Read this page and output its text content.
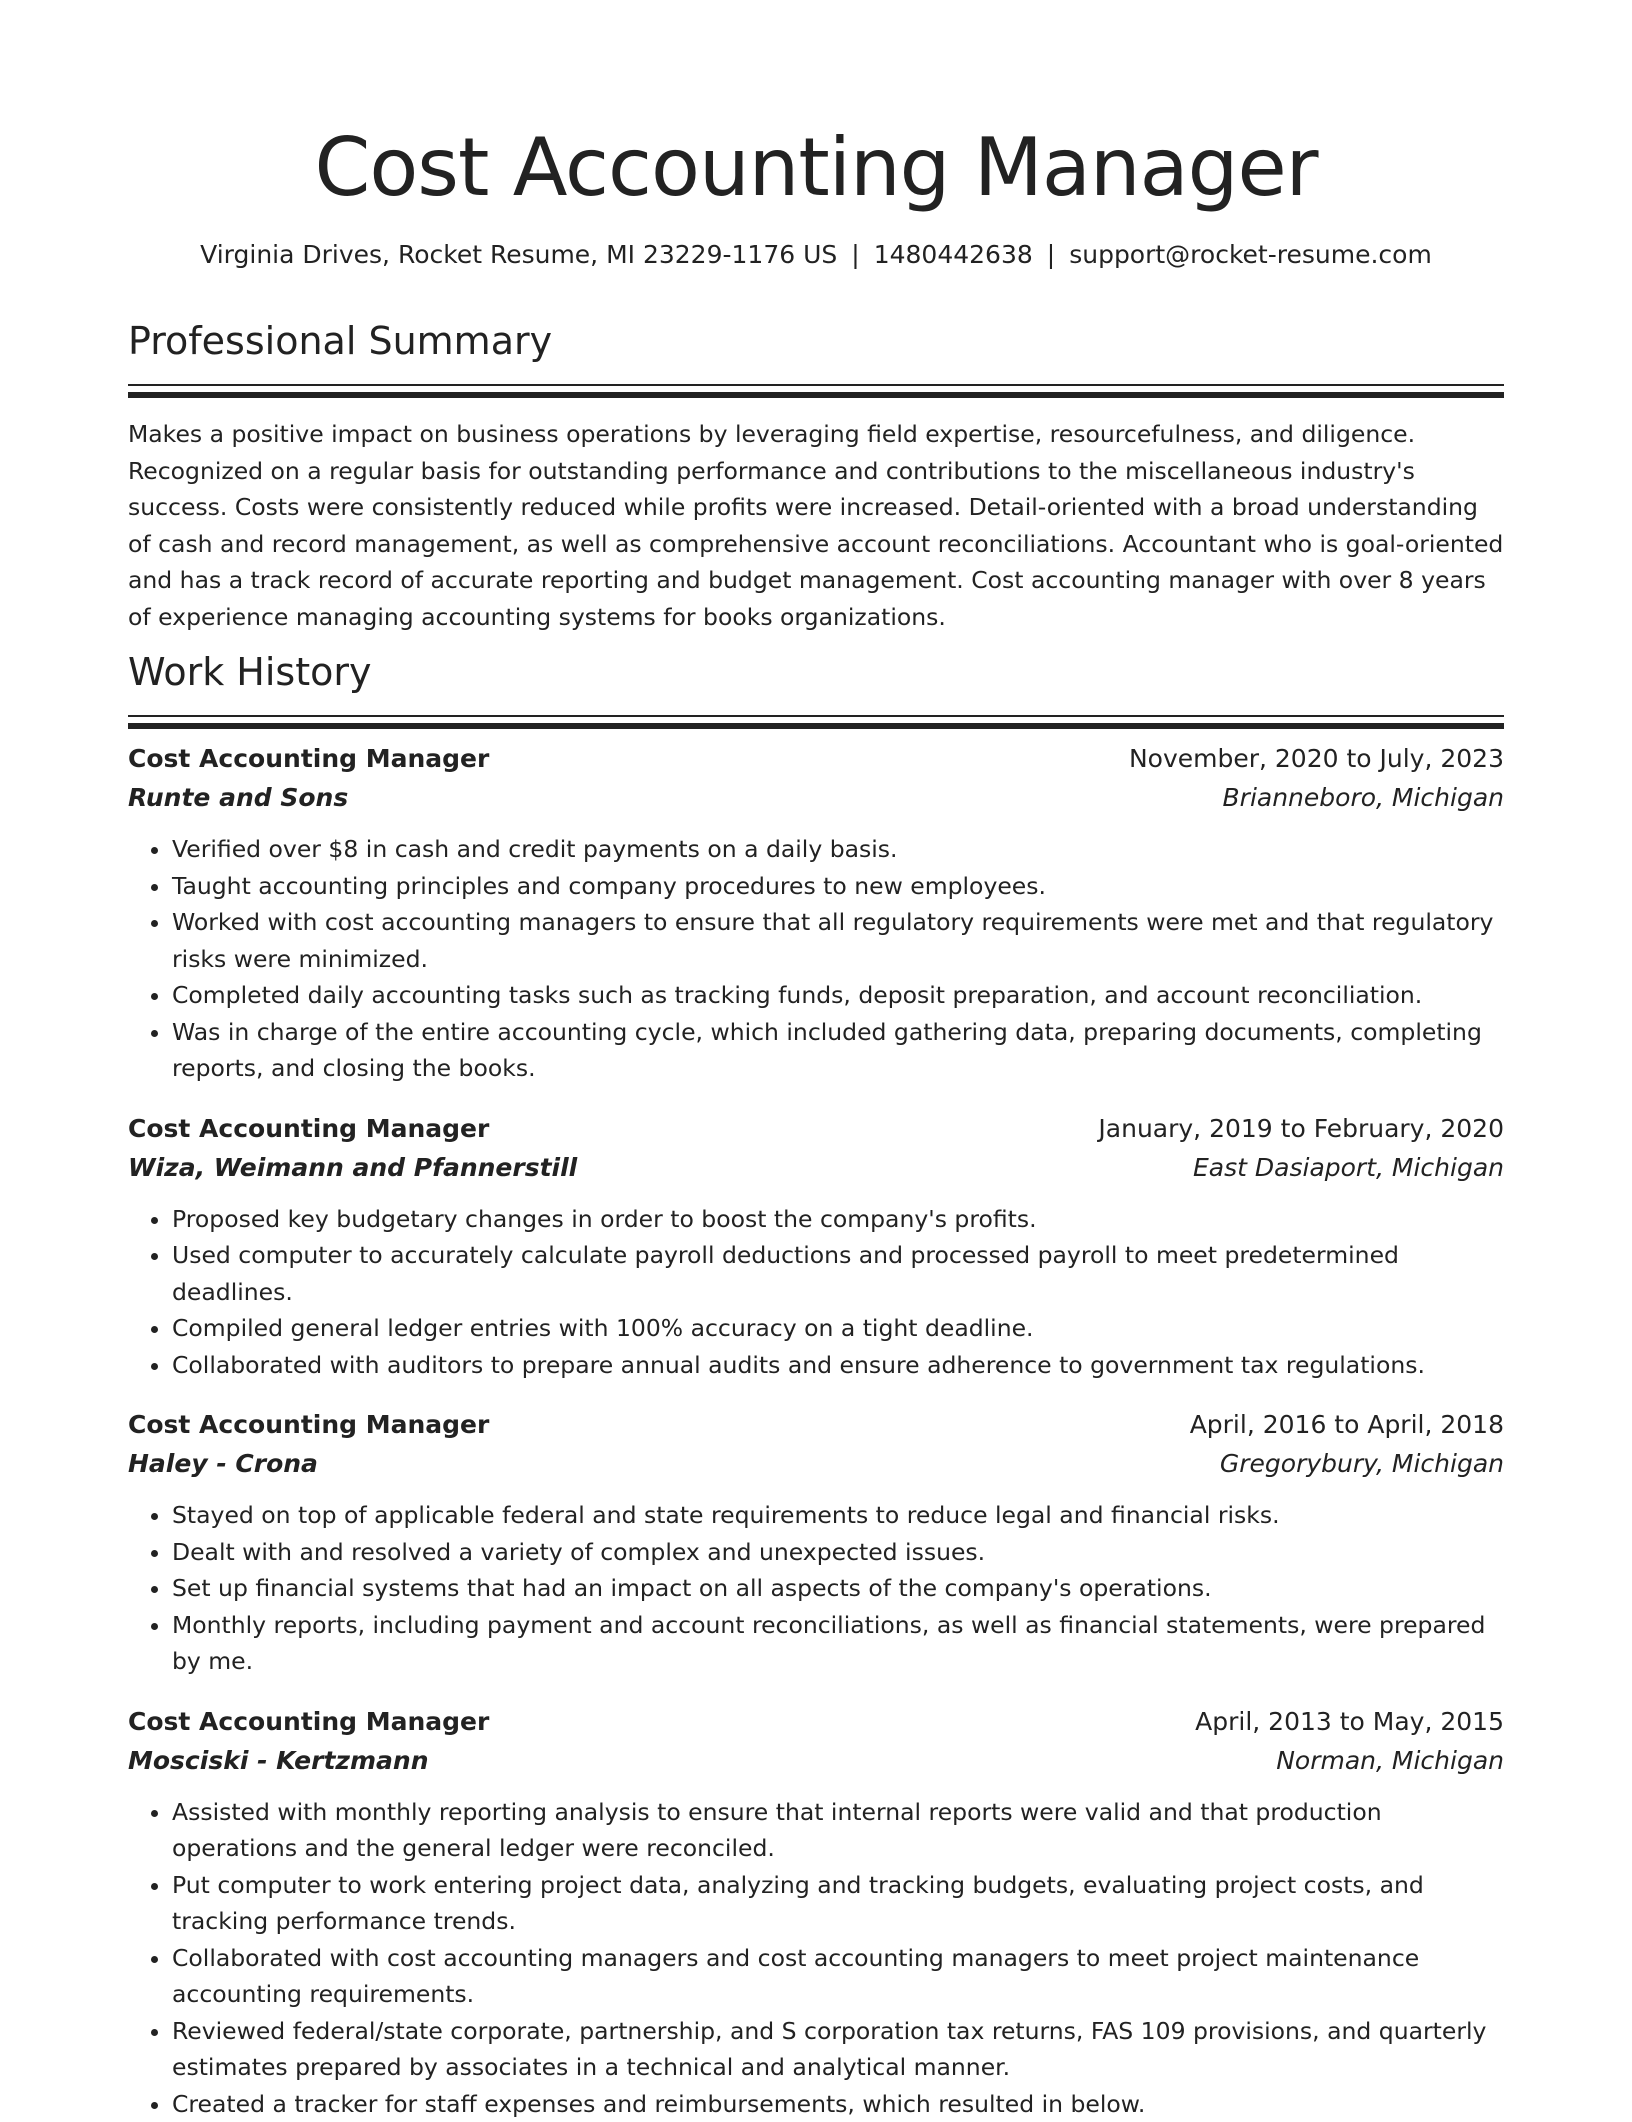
Cost Accounting Manager
Virginia Drives, Rocket Resume, MI 23229-1176 US | 1480442638 | support@rocket-resume.com
Professional Summary

Makes a positive impact on business operations by leveraging field expertise, resourcefulness, and diligence. Recognized on a regular basis for outstanding performance and contributions to the miscellaneous industry's success. Costs were consistently reduced while profits were increased. Detail-oriented with a broad understanding of cash and record management, as well as comprehensive account reconciliations. Accountant who is goal-oriented and has a track record of accurate reporting and budget management. Cost accounting manager with over 8 years of experience managing accounting systems for books organizations.

Work History
Cost Accounting Manager	November, 2020 to July, 2023
Runte and Sons	Brianneboro, Michigan
• Verified over $8 in cash and credit payments on a daily basis.
• Taught accounting principles and company procedures to new employees.
• Worked with cost accounting managers to ensure that all regulatory requirements were met and that regulatory risks were minimized.
• Completed daily accounting tasks such as tracking funds, deposit preparation, and account reconciliation.
• Was in charge of the entire accounting cycle, which included gathering data, preparing documents, completing reports, and closing the books.
Cost Accounting Manager	January, 2019 to February, 2020
Wiza, Weimann and Pfannerstill	East Dasiaport, Michigan
• Proposed key budgetary changes in order to boost the company's profits.
• Used computer to accurately calculate payroll deductions and processed payroll to meet predetermined deadlines.
• Compiled general ledger entries with 100% accuracy on a tight deadline.
• Collaborated with auditors to prepare annual audits and ensure adherence to government tax regulations.
Cost Accounting Manager	April, 2016 to April, 2018
Haley - Crona	Gregorybury, Michigan
• Stayed on top of applicable federal and state requirements to reduce legal and financial risks.
• Dealt with and resolved a variety of complex and unexpected issues.
• Set up financial systems that had an impact on all aspects of the company's operations.
• Monthly reports, including payment and account reconciliations, as well as financial statements, were prepared by me.
Cost Accounting Manager	April, 2013 to May, 2015
Mosciski - Kertzmann	Norman, Michigan
• Assisted with monthly reporting analysis to ensure that internal reports were valid and that production operations and the general ledger were reconciled.
• Put computer to work entering project data, analyzing and tracking budgets, evaluating project costs, and tracking performance trends.
• Collaborated with cost accounting managers and cost accounting managers to meet project maintenance accounting requirements.
• Reviewed federal/state corporate, partnership, and S corporation tax returns, FAS 109 provisions, and quarterly estimates prepared by associates in a technical and analytical manner.
• Created a tracker for staff expenses and reimbursements, which resulted in below.
